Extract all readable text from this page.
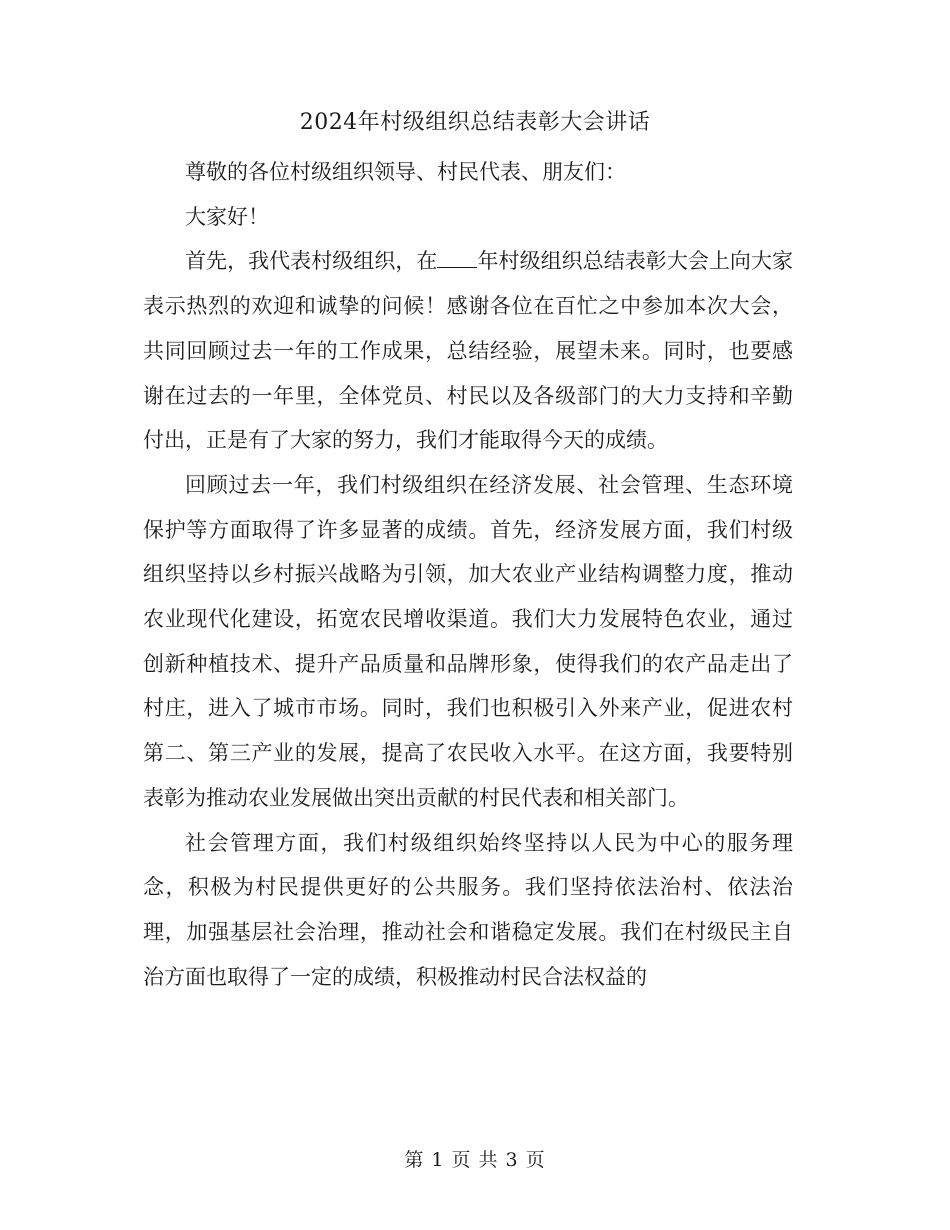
2024年村级组织总结表彰大会讲话

尊敬的各位村级组织领导、村民代表、朋友们：

大家好！

首先，我代表村级组织，在 年村级组织总结表彰大会上向大家表示热烈的欢迎和诚挚的问候！感谢各位在百忙之中参加本次大会，共同回顾过去一年的工作成果，总结经验，展望未来。同时，也要感谢在过去的一年里，全体党员、村民以及各级部门的大力支持和辛勤付出，正是有了大家的努力，我们才能取得今天的成绩。

回顾过去一年，我们村级组织在经济发展、社会管理、生态环境保护等方面取得了许多显著的成绩。首先，经济发展方面，我们村级组织坚持以乡村振兴战略为引领，加大农业产业结构调整力度，推动农业现代化建设，拓宽农民增收渠道。我们大力发展特色农业，通过创新种植技术、提升产品质量和品牌形象，使得我们的农产品走出了村庄，进入了城市市场。同时，我们也积极引入外来产业，促进农村第二、第三产业的发展，提高了农民收入水平。在这方面，我要特别表彰为推动农业发展做出突出贡献的村民代表和相关部门。

社会管理方面，我们村级组织始终坚持以人民为中心的服务理念，积极为村民提供更好的公共服务。我们坚持依法治村、依法治理，加强基层社会治理，推动社会和谐稳定发展。我们在村级民主自治方面也取得了一定的成绩，积极推动村民合法权益的

第 1 页 共 3 页
